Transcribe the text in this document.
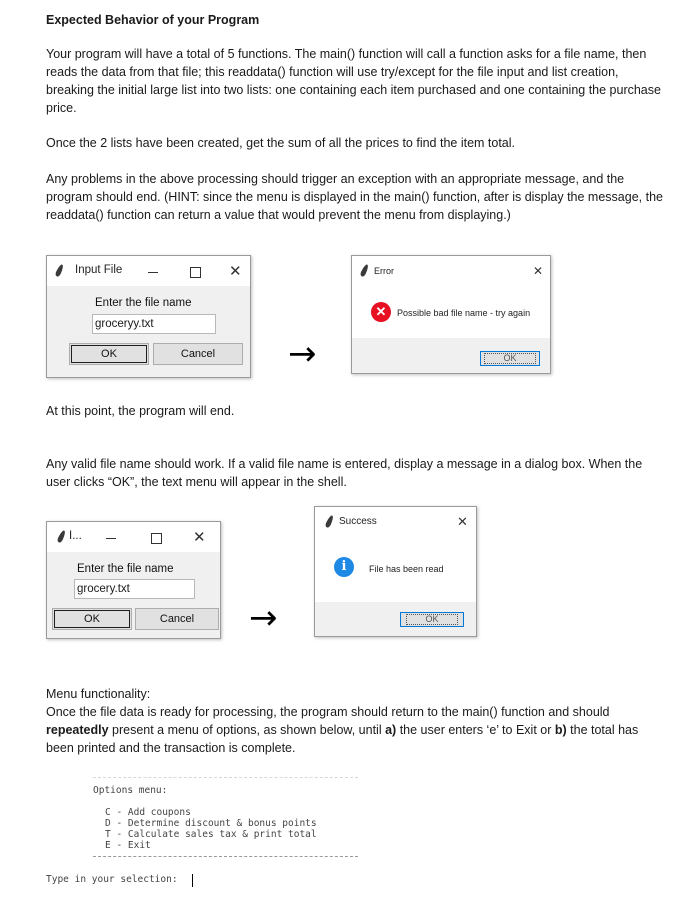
Expected Behavior of your Program
Your program will have a total of 5 functions. The main() function will call a function asks for a file name, then reads the data from that file; this readdata() function will use try/except for the file input and list creation, breaking the initial large list into two lists: one containing each item purchased and one containing the purchase price.
Once the 2 lists have been created, get the sum of all the prices to find the item total.
Any problems in the above processing should trigger an exception with an appropriate message, and the program should end. (HINT: since the menu is displayed in the main() function, after is display the message, the readdata() function can return a value that would prevent the menu from displaying.)
Input File	✕
Enter the file name
groceryy.txt
OK	Cancel	→
Error	✕
✕	Possible bad file name - try again
OK
At this point, the program will end.
Any valid file name should work. If a valid file name is entered, display a message in a dialog box. When the user clicks “OK”, the text menu will appear in the shell.
I...	✕
Enter the file name
grocery.txt
OK	Cancel	→
Success	✕
i	File has been read
OK
Menu functionality:
Once the file data is ready for processing, the program should return to the main() function and should repeatedly present a menu of options, as shown below, until a) the user enters ‘e’ to Exit or b) the total has been printed and the transaction is complete.
Options menu:
C - Add coupons
D - Determine discount & bonus points
T - Calculate sales tax & print total
E - Exit
Type in your selection:
